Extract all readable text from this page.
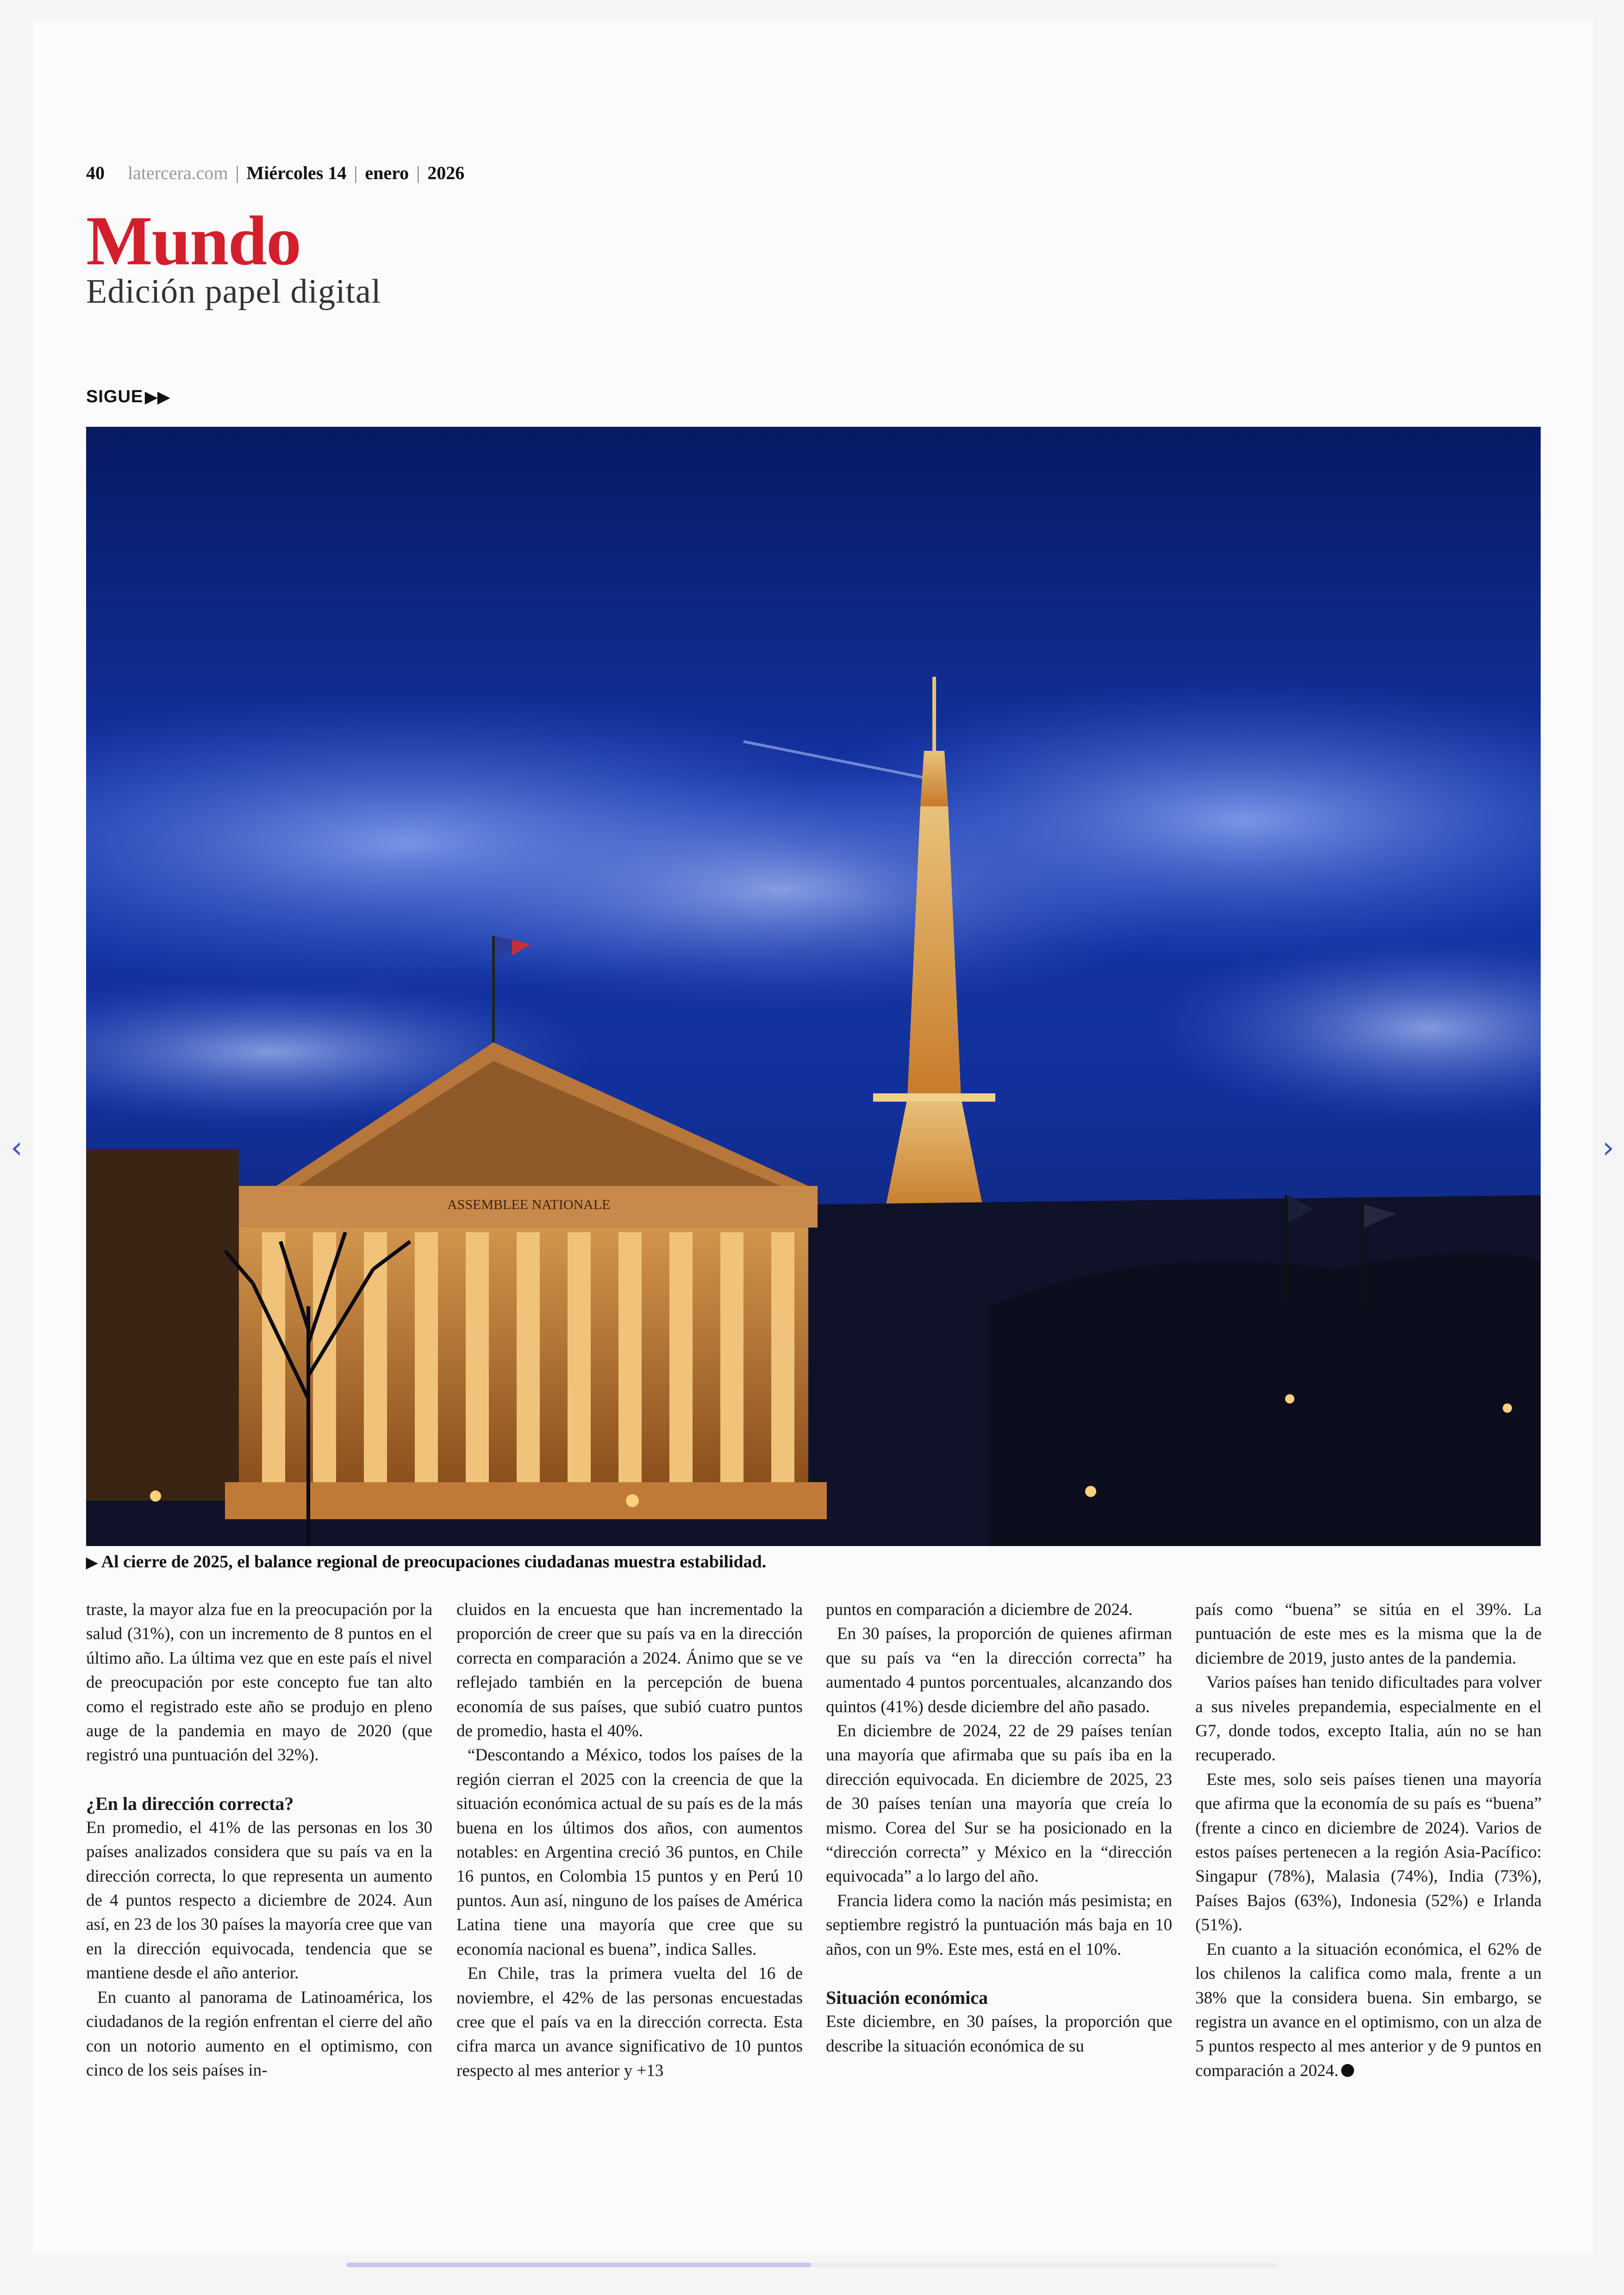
40 latercera.com | Miércoles 14 | enero | 2026
Mundo
Edición papel digital
SIGUE ▶▶
ASSEMBLEE NATIONALE
▶ Al cierre de 2025, el balance regional de preocupaciones ciudadanas muestra estabilidad.

traste, la mayor alza fue en la preocupación por la salud (31%), con un incremento de 8 puntos en el último año. La última vez que en este país el nivel de preocupación por este concepto fue tan alto como el registrado este año se produjo en pleno auge de la pandemia en mayo de 2020 (que registró una puntuación del 32%).

¿En la dirección correcta?

En promedio, el 41% de las personas en los 30 países analizados considera que su país va en la dirección correcta, lo que representa un aumento de 4 puntos respecto a diciembre de 2024. Aun así, en 23 de los 30 países la mayoría cree que van en la dirección equivocada, tendencia que se mantiene desde el año anterior.

En cuanto al panorama de Latinoamérica, los ciudadanos de la región enfrentan el cierre del año con un notorio aumento en el optimismo, con cinco de los seis países in-

cluidos en la encuesta que han incrementado la proporción de creer que su país va en la dirección correcta en comparación a 2024. Ánimo que se ve reflejado también en la percepción de buena economía de sus países, que subió cuatro puntos de promedio, hasta el 40%.

“Descontando a México, todos los países de la región cierran el 2025 con la creencia de que la situación económica actual de su país es de la más buena en los últimos dos años, con aumentos notables: en Argentina creció 36 puntos, en Chile 16 puntos, en Colombia 15 puntos y en Perú 10 puntos. Aun así, ninguno de los países de América Latina tiene una mayoría que cree que su economía nacional es buena”, indica Salles.

En Chile, tras la primera vuelta del 16 de noviembre, el 42% de las personas encuestadas cree que el país va en la dirección correcta. Esta cifra marca un avance significativo de 10 puntos respecto al mes anterior y +13

puntos en comparación a diciembre de 2024.

En 30 países, la proporción de quienes afirman que su país va “en la dirección correcta” ha aumentado 4 puntos porcentuales, alcanzando dos quintos (41%) desde diciembre del año pasado.

En diciembre de 2024, 22 de 29 países tenían una mayoría que afirmaba que su país iba en la dirección equivocada. En diciembre de 2025, 23 de 30 países tenían una mayoría que creía lo mismo. Corea del Sur se ha posicionado en la “dirección correcta” y México en la “dirección equivocada” a lo largo del año.

Francia lidera como la nación más pesimista; en septiembre registró la puntuación más baja en 10 años, con un 9%. Este mes, está en el 10%.

Situación económica

Este diciembre, en 30 países, la proporción que describe la situación económica de su

país como “buena” se sitúa en el 39%. La puntuación de este mes es la misma que la de diciembre de 2019, justo antes de la pandemia.

Varios países han tenido dificultades para volver a sus niveles prepandemia, especialmente en el G7, donde todos, excepto Italia, aún no se han recuperado.

Este mes, solo seis países tienen una mayoría que afirma que la economía de su país es “buena” (frente a cinco en diciembre de 2024). Varios de estos países pertenecen a la región Asia-Pacífico: Singapur (78%), Malasia (74%), India (73%), Países Bajos (63%), Indonesia (52%) e Irlanda (51%).

En cuanto a la situación económica, el 62% de los chilenos la califica como mala, frente a un 38% que la considera buena. Sin embargo, se registra un avance en el optimismo, con un alza de 5 puntos respecto al mes anterior y de 9 puntos en comparación a 2024.

‹	›
